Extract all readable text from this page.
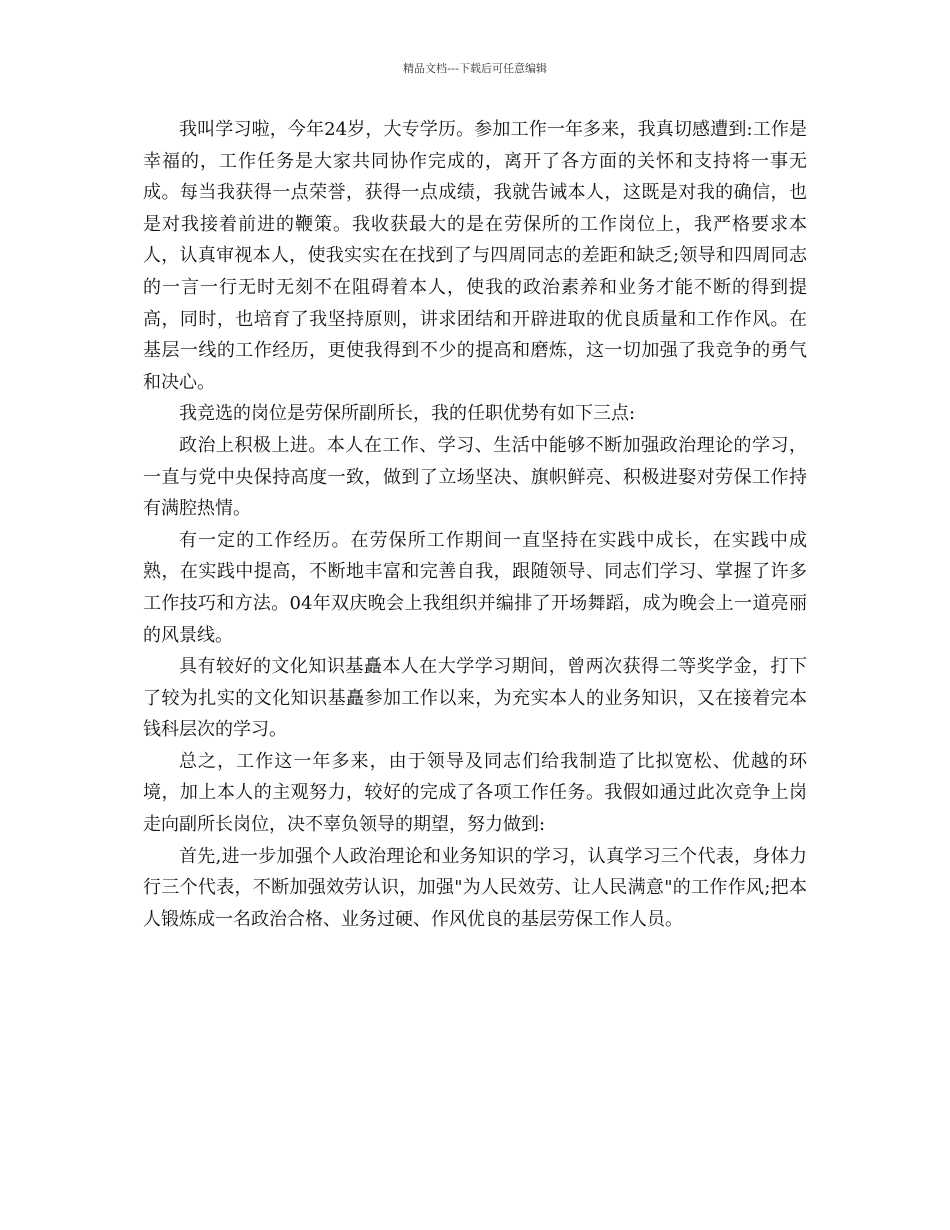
精品文档---下载后可任意编辑

我叫学习啦，今年24岁，大专学历。参加工作一年多来，我真切感遭到:工作是幸福的，工作任务是大家共同协作完成的，离开了各方面的关怀和支持将一事无成。每当我获得一点荣誉，获得一点成绩，我就告诫本人，这既是对我的确信，也是对我接着前进的鞭策。我收获最大的是在劳保所的工作岗位上，我严格要求本人，认真审视本人，使我实实在在找到了与四周同志的差距和缺乏;领导和四周同志的一言一行无时无刻不在阻碍着本人，使我的政治素养和业务才能不断的得到提高，同时，也培育了我坚持原则，讲求团结和开辟进取的优良质量和工作作风。在基层一线的工作经历，更使我得到不少的提高和磨炼，这一切加强了我竞争的勇气和决心。

我竞选的岗位是劳保所副所长，我的任职优势有如下三点:

政治上积极上进。本人在工作、学习、生活中能够不断加强政治理论的学习，一直与党中央保持高度一致，做到了立场坚决、旗帜鲜亮、积极进娶对劳保工作持有满腔热情。

有一定的工作经历。在劳保所工作期间一直坚持在实践中成长，在实践中成熟，在实践中提高，不断地丰富和完善自我，跟随领导、同志们学习、掌握了许多工作技巧和方法。04年双庆晚会上我组织并编排了开场舞蹈，成为晚会上一道亮丽的风景线。

具有较好的文化知识基矗本人在大学学习期间，曾两次获得二等奖学金，打下了较为扎实的文化知识基矗参加工作以来，为充实本人的业务知识，又在接着完本钱科层次的学习。

总之，工作这一年多来，由于领导及同志们给我制造了比拟宽松、优越的环境，加上本人的主观努力，较好的完成了各项工作任务。我假如通过此次竞争上岗走向副所长岗位，决不辜负领导的期望，努力做到:

首先,进一步加强个人政治理论和业务知识的学习，认真学习三个代表，身体力行三个代表，不断加强效劳认识，加强"为人民效劳、让人民满意"的工作作风;把本人锻炼成一名政治合格、业务过硬、作风优良的基层劳保工作人员。
